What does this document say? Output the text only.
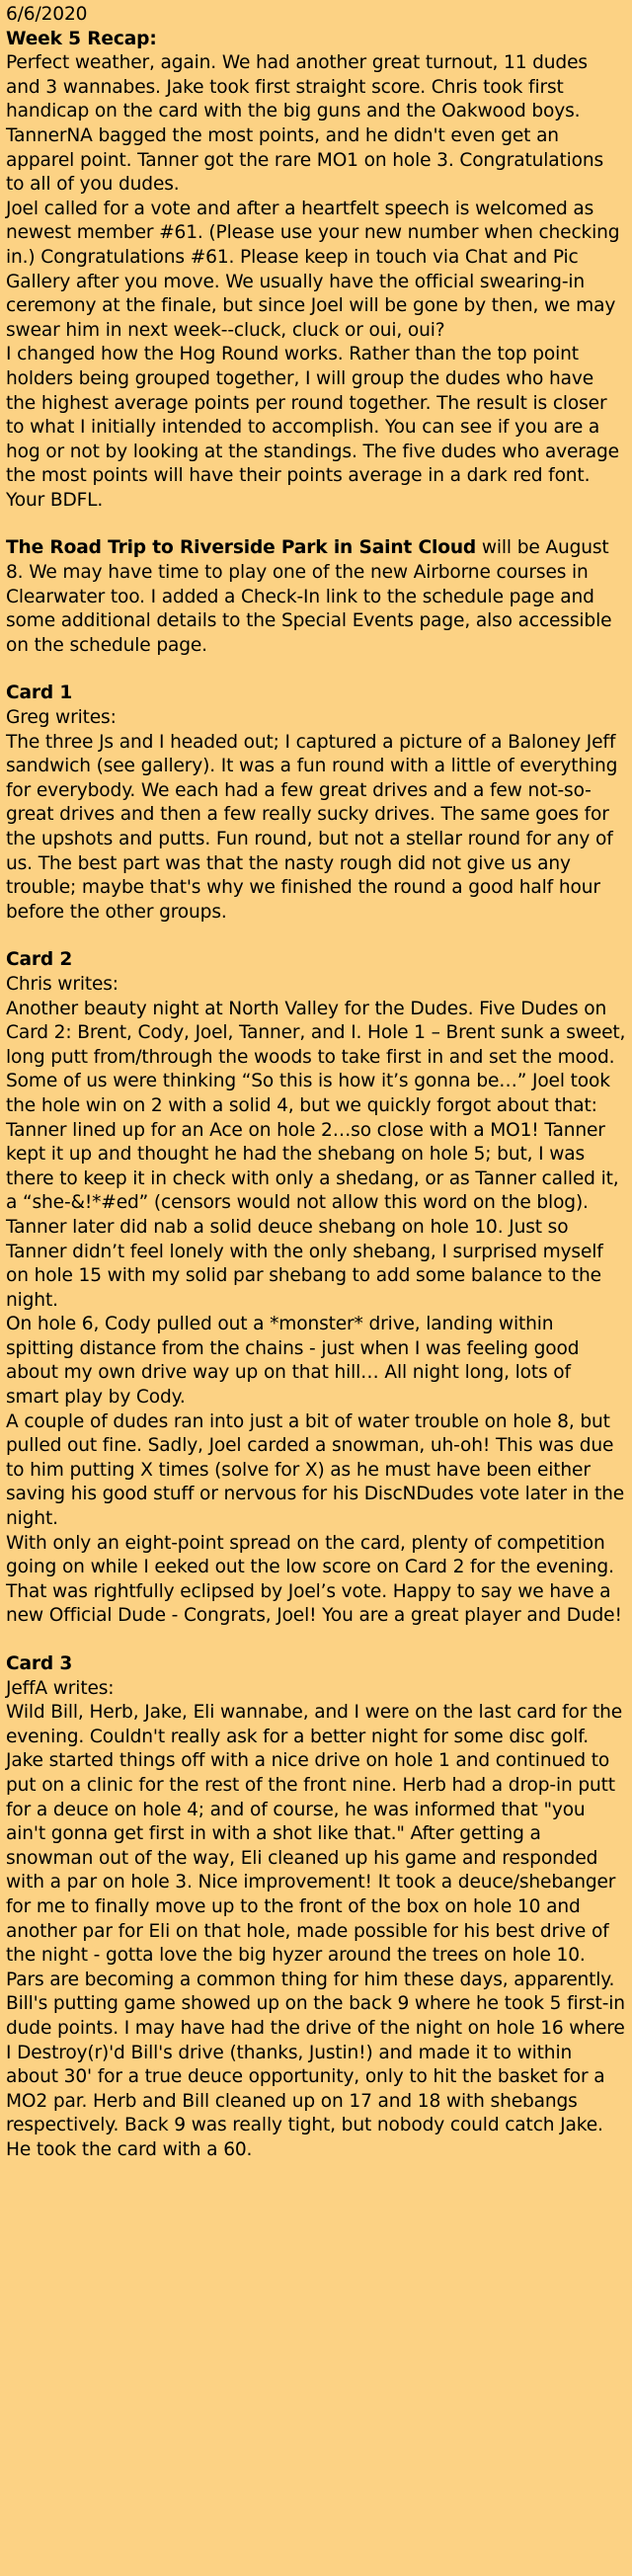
6/6/2020
Week 5 Recap:

Perfect weather, again. We had another great turnout, 11 dudes and 3 wannabes. Jake took first straight score. Chris took first handicap on the card with the big guns and the Oakwood boys. TannerNA bagged the most points, and he didn't even get an apparel point. Tanner got the rare MO1 on hole 3. Congratulations to all of you dudes.

Joel called for a vote and after a heartfelt speech is welcomed as newest member #61. (Please use your new number when checking in.) Congratulations #61. Please keep in touch via Chat and Pic Gallery after you move. We usually have the official swearing-in ceremony at the finale, but since Joel will be gone by then, we may swear him in next week--cluck, cluck or oui, oui?

I changed how the Hog Round works. Rather than the top point holders being grouped together, I will group the dudes who have the highest average points per round together. The result is closer to what I initially intended to accomplish. You can see if you are a hog or not by looking at the standings. The five dudes who average the most points will have their points average in a dark red font. Your BDFL.

The Road Trip to Riverside Park in Saint Cloud will be August 8. We may have time to play one of the new Airborne courses in Clearwater too. I added a Check-In link to the schedule page and some additional details to the Special Events page, also accessible on the schedule page.

Card 1

Greg writes:

The three Js and I headed out; I captured a picture of a Baloney Jeff sandwich (see gallery). It was a fun round with a little of everything for everybody. We each had a few great drives and a few not-so-great drives and then a few really sucky drives. The same goes for the upshots and putts. Fun round, but not a stellar round for any of us. The best part was that the nasty rough did not give us any trouble; maybe that's why we finished the round a good half hour before the other groups.

Card 2

Chris writes:

Another beauty night at North Valley for the Dudes. Five Dudes on Card 2: Brent, Cody, Joel, Tanner, and I. Hole 1 – Brent sunk a sweet, long putt from/through the woods to take first in and set the mood. Some of us were thinking “So this is how it’s gonna be…” Joel took the hole win on 2 with a solid 4, but we quickly forgot about that: Tanner lined up for an Ace on hole 2…so close with a MO1! Tanner kept it up and thought he had the shebang on hole 5; but, I was there to keep it in check with only a shedang, or as Tanner called it, a “she-&!*#ed” (censors would not allow this word on the blog). Tanner later did nab a solid deuce shebang on hole 10. Just so Tanner didn’t feel lonely with the only shebang, I surprised myself on hole 15 with my solid par shebang to add some balance to the night.

On hole 6, Cody pulled out a *monster* drive, landing within spitting distance from the chains - just when I was feeling good about my own drive way up on that hill… All night long, lots of smart play by Cody.

A couple of dudes ran into just a bit of water trouble on hole 8, but pulled out fine. Sadly, Joel carded a snowman, uh-oh! This was due to him putting X times (solve for X) as he must have been either saving his good stuff or nervous for his DiscNDudes vote later in the night.

With only an eight-point spread on the card, plenty of competition going on while I eeked out the low score on Card 2 for the evening. That was rightfully eclipsed by Joel’s vote. Happy to say we have a new Official Dude - Congrats, Joel! You are a great player and Dude!

Card 3

JeffA writes:

Wild Bill, Herb, Jake, Eli wannabe, and I were on the last card for the evening. Couldn't really ask for a better night for some disc golf. Jake started things off with a nice drive on hole 1 and continued to put on a clinic for the rest of the front nine. Herb had a drop-in putt for a deuce on hole 4; and of course, he was informed that "you ain't gonna get first in with a shot like that." After getting a snowman out of the way, Eli cleaned up his game and responded with a par on hole 3. Nice improvement! It took a deuce/shebanger for me to finally move up to the front of the box on hole 10 and another par for Eli on that hole, made possible for his best drive of the night - gotta love the big hyzer around the trees on hole 10. Pars are becoming a common thing for him these days, apparently. Bill's putting game showed up on the back 9 where he took 5 first-in dude points. I may have had the drive of the night on hole 16 where I Destroy(r)'d Bill's drive (thanks, Justin!) and made it to within about 30' for a true deuce opportunity, only to hit the basket for a MO2 par. Herb and Bill cleaned up on 17 and 18 with shebangs respectively. Back 9 was really tight, but nobody could catch Jake. He took the card with a 60.
